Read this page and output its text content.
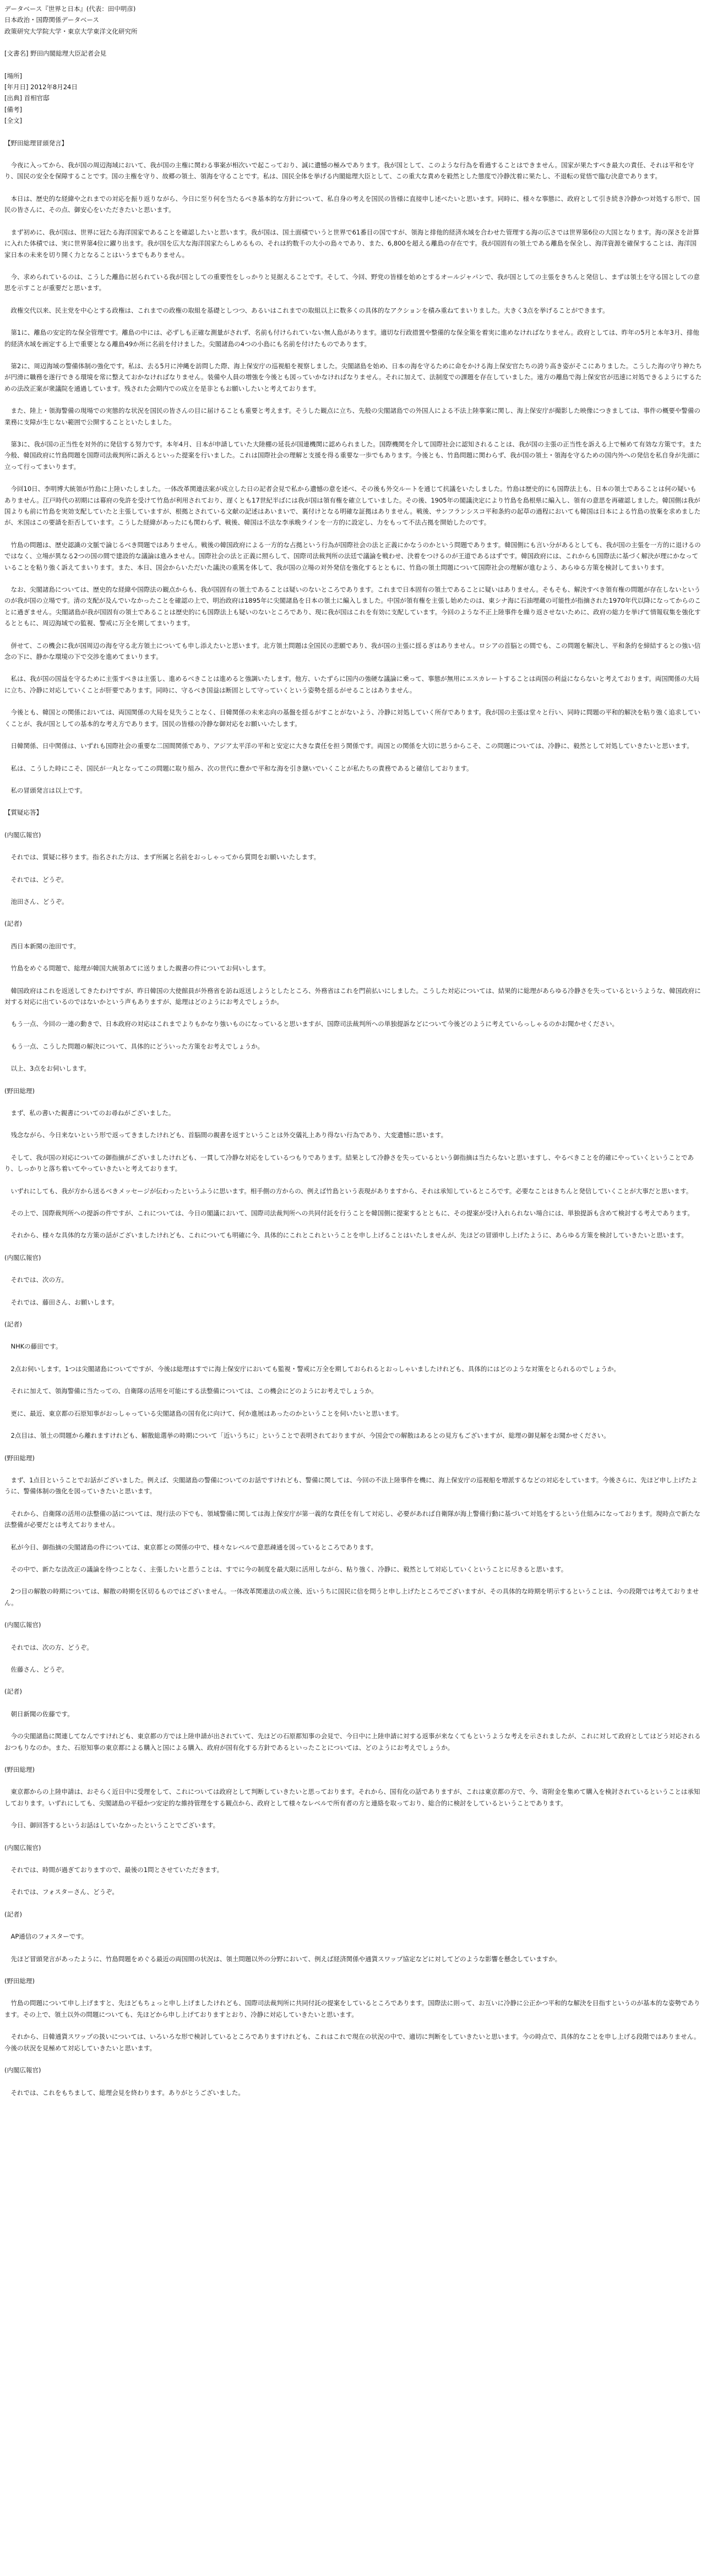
データベース『世界と日本』(代表：田中明彦)
日本政治・国際関係データベース
政策研究大学院大学・東京大学東洋文化研究所
[文書名] 野田内閣総理大臣記者会見
[場所]
[年月日] 2012年8月24日
[出典] 首相官邸
[備考]
[全文]
【野田総理冒頭発言】
今夜に入ってから、我が国の周辺海域において、我が国の主権に関わる事案が相次いで起こっており、誠に遺憾の極みであります。我が国として、このような行為を看過することはできません。国家が果たすべき最大の責任、それは平和を守り、国民の安全を保障することです。国の主権を守り、故郷の領土、領海を守ることです。私は、国民全体を挙げる内閣総理大臣として、この重大な責めを毅然とした態度で冷静沈着に果たし、不退転の覚悟で臨む決意であります。
本日は、歴史的な経緯や之れまでの対応を振り返りながら、今日に至り何を当たるべき基本的な方針について、私自身の考えを国民の皆様に直接申し述べたいと思います。同時に、様々な事態に、政府として引き続き冷静かつ対処する形で、国民の皆さんに、その点、御安心をいただきたいと思います。
まず初めに、我が国は、世界に冠たる海洋国家であることを確認したいと思います。我が国は、国土面積でいうと世界で61番目の国ですが、領海と排他的経済水域を合わせた管理する海の広さでは世界第6位の大国となります。海の深さを計算に入れた体積では、実に世界第4位に躍り出ます。我が国を広大な海洋国家たらしめるもの、それは約数千の大小の島々であり、また、6,800を超える離島の存在です。我が国固有の領土である離島を保全し、海洋資源を確保することは、海洋国家日本の未来を切り開く力となることはいうまでもありません。
今、求められているのは、こうした離島に居られている我が国としての重要性をしっかりと見据えることです。そして、今回、野党の皆様を始めとするオールジャパンで、我が国としての主張をきちんと発信し、まずは領土を守る国としての意思を示すことが重要だと思います。
政権交代以来、民主党を中心とする政権は、これまでの政権の取組を基礎としつつ、あるいはこれまでの取組以上に数多くの具体的なアクションを積み重ねてまいりました。大きく3点を挙げることができます。
第1に、離島の安定的な保全管理です。離島の中には、必ずしも正確な測量がされず、名前も付けられていない無人島があります。適切な行政措置や整備的な保全策を着実に進めなければなりません。政府としては、昨年の5月と本年3月、排他的経済水域を画定する上で重要となる離島49か所に名前を付けました。尖閣諸島の4つの小島にも名前を付けたものであります。
第2に、周辺海域の警備体制の強化です。私は、去る5月に沖縄を訪問した際、海上保安庁の巡視船を視察しました。尖閣諸島を始め、日本の海を守るために命をかける海上保安官たちの誇り高き姿がそこにありました。こうした海の守り神たちが円滑に職務を遂行できる環境を常に整えておかなければなりません。装備や人員の増強を今後とも図っていかなければなりません。それに加えて、法制度での課題を存在していました。遠方の離島で海上保安官が迅速に対処できるようにするための法改正案が衆議院を通過しています。残された会期内での成立を是非ともお願いしたいと考えております。
また、陸上・領海警備の現場での実態的な状況を国民の皆さんの目に届けることも重要と考えます。そうした観点に立ち、先般の尖閣諸島での外国人による不法上陸事案に関し、海上保安庁が撮影した映像につきましては、事件の概要や警備の業務に支障が生じない範囲で公開することといたしました。
第3に、我が国の正当性を対外的に発信する努力です。本年4月、日本が申請していた大陸棚の延長が国連機関に認められました。国際機関を介して国際社会に認知されることは、我が国の主張の正当性を訴える上で極めて有効な方策です。また今般、韓国政府に竹島問題を国際司法裁判所に訴えるといった提案を行いました。これは国際社会の理解と支援を得る重要な一歩でもあります。今後とも、竹島問題に関わらず、我が国の領土・領海を守るための国内外への発信を私自身が先頭に立って行ってまいります。
今回10日、李明博大統領が竹島に上陸いたしました。一体改革関連法案が成立した日の記者会見で私から遺憾の意を述べ、その後も外交ルートを通じて抗議をいたしました。竹島は歴史的にも国際法上も、日本の領土であることは何の疑いもありません。江戸時代の初期には幕府の免許を受けて竹島が利用されており、遅くとも17世紀半ばには我が国は領有権を確立していました。その後、1905年の閣議決定により竹島を島根県に編入し、領有の意思を再確認しました。韓国側は我が国よりも前に竹島を実効支配していたと主張していますが、根拠とされている文献の記述はあいまいで、裏付けとなる明確な証拠はありません。戦後、サンフランシスコ平和条約の起草の過程においても韓国は日本による竹島の放棄を求めましたが、米国はこの要請を拒否しています。こうした経緯があったにも関わらず、戦後、韓国は不法な李承晩ラインを一方的に設定し、力をもって不法占拠を開始したのです。
竹島の問題は、歴史認識の文脈で論じるべき問題ではありません。戦後の韓国政府による一方的な占拠という行為が国際社会の法と正義にかなうのかという問題であります。韓国側にも言い分があるとしても、我が国の主張を一方的に退けるのではなく、立場が異なる2つの国の間で建設的な議論は進みません。国際社会の法と正義に照らして、国際司法裁判所の法廷で議論を戦わせ、決着をつけるのが王道であるはずです。韓国政府には、これからも国際法に基づく解決が理にかなっていることを粘り強く訴えてまいります。また、本日、国会からいただいた議決の重篤を体して、我が国の立場の対外発信を強化するとともに、竹島の領土問題について国際社会の理解が進むよう、あらゆる方策を検討してまいります。
なお、尖閣諸島については、歴史的な経緯や国際法の観点からも、我が国固有の領土であることは疑いのないところであります。これまで日本固有の領土であることに疑いはありません。そもそも、解決すべき領有権の問題が存在しないというのが我が国の立場です。清の支配が及んでいなかったことを確認の上で、明治政府は1895年に尖閣諸島を日本の領土に編入しました。中国が領有権を主張し始めたのは、東シナ海に石油埋蔵の可能性が指摘された1970年代以降になってからのことに過ぎません。尖閣諸島が我が国固有の領土であることは歴史的にも国際法上も疑いのないところであり、現に我が国はこれを有効に支配しています。今回のような不正上陸事件を繰り返させないために、政府の総力を挙げて情報収集を強化するとともに、周辺海域での監視、警戒に万全を期してまいります。
併せて、この機会に我が国周辺の海を守る北方領土についても申し添えたいと思います。北方領土問題は全国民の悲願であり、我が国の主張に揺るぎはありません。ロシアの首脳との間でも、この問題を解決し、平和条約を締結するとの強い信念の下に、静かな環境の下で交渉を進めてまいります。
私は、我が国の国益を守るために主張すべきは主張し、進めるべきことは進めると強調いたします。他方、いたずらに国内の強硬な議論に乗って、事態が無用にエスカレートすることは両国の利益にならないと考えております。両国関係の大局に立ち、冷静に対応していくことが肝要であります。同時に、守るべき国益は断固として守っていくという姿勢を揺るがせることはありません。
今後とも、韓国との関係においては、両国関係の大局を見失うことなく、日韓関係の未来志向の基盤を揺るがすことがないよう、冷静に対処していく所存であります。我が国の主張は堂々と行い、同時に問題の平和的解決を粘り強く追求していくことが、我が国としての基本的な考え方であります。国民の皆様の冷静な御対応をお願いいたします。
日韓関係、日中関係は、いずれも国際社会の重要な二国間関係であり、アジア太平洋の平和と安定に大きな責任を担う関係です。両国との関係を大切に思うからこそ、この問題については、冷静に、毅然として対処していきたいと思います。
私は、こうした時にこそ、国民が一丸となってこの問題に取り組み、次の世代に豊かで平和な海を引き継いでいくことが私たちの責務であると確信しております。
私の冒頭発言は以上です。
【質疑応答】
(内閣広報官)
それでは、質疑に移ります。指名された方は、まず所属と名前をおっしゃってから質問をお願いいたします。
それでは、どうぞ。
池田さん、どうぞ。
(記者)
西日本新聞の池田です。
竹島をめぐる問題で、総理が韓国大統領あてに送りました親書の件についてお伺いします。
韓国政府はこれを返送してきたわけですが、昨日韓国の大使館員が外務省を訪ね返送しようとしたところ、外務省はこれを門前払いにしました。こうした対応については、結果的に総理があらゆる冷静さを失っているというような、韓国政府に対する対応に出ているのではないかという声もありますが、総理はどのようにお考えでしょうか。
もう一点、今回の一連の動きで、日本政府の対応はこれまでよりもかなり強いものになっていると思いますが、国際司法裁判所への単独提訴などについて今後どのように考えていらっしゃるのかお聞かせください。
もう一点、こうした問題の解決について、具体的にどういった方策をお考えでしょうか。
以上、3点をお伺いします。
(野田総理)
まず、私の書いた親書についてのお尋ねがございました。
残念ながら、今日来ないという形で返ってきましたけれども、首脳間の親書を返すということは外交儀礼上あり得ない行為であり、大変遺憾に思います。
そして、我が国の対応についての御指摘がございましたけれども、一貫して冷静な対応をしているつもりであります。結果として冷静さを失っているという御指摘は当たらないと思いますし、やるべきことを的確にやっていくということであり、しっかりと落ち着いてやっていきたいと考えております。
いずれにしても、我が方から送るべきメッセージが伝わったというふうに思います。相手側の方からの、例えば竹島という表現がありますから、それは承知しているところです。必要なことはきちんと発信していくことが大事だと思います。
その上で、国際裁判所への提訴の件ですが、これについては、今日の閣議において、国際司法裁判所への共同付託を行うことを韓国側に提案するとともに、その提案が受け入れられない場合には、単独提訴も含めて検討する考えであります。
それから、様々な具体的な方策の話がございましたけれども、これについても明確に今、具体的にこれとこれということを申し上げることはいたしませんが、先ほどの冒頭申し上げたように、あらゆる方策を検討していきたいと思います。
(内閣広報官)
それでは、次の方。
それでは、藤田さん、お願いします。
(記者)
NHKの藤田です。
2点お伺いします。1つは尖閣諸島についてですが、今後は総理はすでに海上保安庁においても監視・警戒に万全を期しておられるとおっしゃいましたけれども、具体的にはどのような対策をとられるのでしょうか。
それに加えて、領海警備に当たっての、自衛隊の活用を可能にする法整備については、この機会にどのようにお考えでしょうか。
更に、最近、東京都の石原知事がおっしゃっている尖閣諸島の国有化に向けて、何か進展はあったのかということを伺いたいと思います。
2点目は、領土の問題から離れますけれども、解散総選挙の時期について「近いうちに」ということで表明されておりますが、今国会での解散はあるとの見方もございますが、総理の御見解をお聞かせください。
(野田総理)
まず、1点目ということでお話がございました。例えば、尖閣諸島の警備についてのお話ですけれども、警備に関しては、今回の不法上陸事件を機に、海上保安庁の巡視船を増派するなどの対応をしています。今後さらに、先ほど申し上げたように、警備体制の強化を図っていきたいと思います。
それから、自衛隊の活用の法整備の話については、現行法の下でも、領域警備に関しては海上保安庁が第一義的な責任を有して対応し、必要があれば自衛隊が海上警備行動に基づいて対処をするという仕組みになっております。現時点で新たな法整備が必要だとは考えておりません。
私が今日、御指摘の尖閣諸島の件については、東京都との関係の中で、様々なレベルで意思疎通を図っているところであります。
その中で、新たな法改正の議論を待つことなく、主張したいと思うことは、すでに今の制度を最大限に活用しながら、粘り強く、冷静に、毅然として対応していくということに尽きると思います。
2つ目の解散の時期については、解散の時期を区切るものではございません。一体改革関連法の成立後、近いうちに国民に信を問うと申し上げたところでございますが、その具体的な時期を明示するということは、今の段階では考えておりません。
(内閣広報官)
それでは、次の方、どうぞ。
佐藤さん、どうぞ。
(記者)
朝日新聞の佐藤です。
今の尖閣諸島に関連してなんですけれども、東京都の方では上陸申請が出されていて、先ほどの石原都知事の会見で、今日中に上陸申請に対する返事が来なくてもというような考えを示されましたが、これに対して政府としてはどう対応されるおつもりなのか。また、石原知事の東京都による購入と国による購入、政府が国有化する方針であるといったことについては、どのようにお考えでしょうか。
(野田総理)
東京都からの上陸申請は、おそらく近日中に受理をして、これについては政府として判断していきたいと思っております。それから、国有化の話でありますが、これは東京都の方で、今、寄附金を集めて購入を検討されているということは承知しております。いずれにしても、尖閣諸島の平穏かつ安定的な維持管理をする観点から、政府として様々なレベルで所有者の方と連絡を取っており、総合的に検討をしているということであります。
今日、御回答するというお話はしていなかったということでございます。
(内閣広報官)
それでは、時間が過ぎておりますので、最後の1問とさせていただきます。
それでは、フォスターさん、どうぞ。
(記者)
AP通信のフォスターです。
先ほど冒頭発言があったように、竹島問題をめぐる最近の両国間の状況は、領土問題以外の分野において、例えば経済関係や通貨スワップ協定などに対してどのような影響を懸念していますか。
(野田総理)
竹島の問題について申し上げますと、先ほどもちょっと申し上げましたけれども、国際司法裁判所に共同付託の提案をしているところであります。国際法に則って、お互いに冷静に公正かつ平和的な解決を目指すというのが基本的な姿勢であります。その上で、領土以外の問題についても、先ほどから申し上げておりますとおり、冷静に対応していきたいと思います。
それから、日韓通貨スワップの扱いについては、いろいろな形で検討しているところでありますけれども、これはこれで現在の状況の中で、適切に判断をしていきたいと思います。今の時点で、具体的なことを申し上げる段階ではありません。今後の状況を見極めて対応していきたいと思います。
(内閣広報官)
それでは、これをもちまして、総理会見を終わります。ありがとうございました。
